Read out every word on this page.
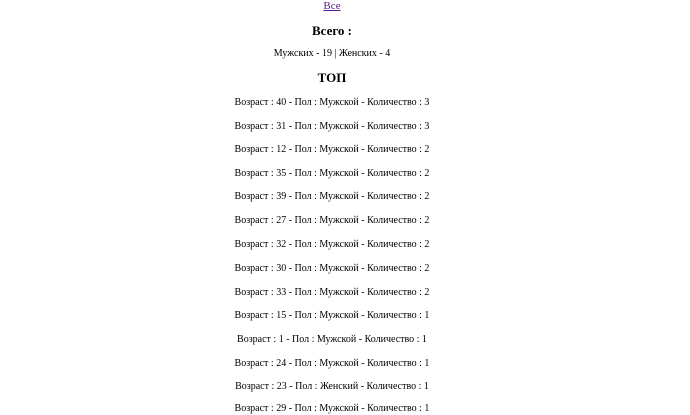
Все
Всего :
Мужских - 19 | Женских - 4
ТОП
Возраст : 40 - Пол : Мужской - Количество : 3
Возраст : 31 - Пол : Мужской - Количество : 3
Возраст : 12 - Пол : Мужской - Количество : 2
Возраст : 35 - Пол : Мужской - Количество : 2
Возраст : 39 - Пол : Мужской - Количество : 2
Возраст : 27 - Пол : Мужской - Количество : 2
Возраст : 32 - Пол : Мужской - Количество : 2
Возраст : 30 - Пол : Мужской - Количество : 2
Возраст : 33 - Пол : Мужской - Количество : 2
Возраст : 15 - Пол : Мужской - Количество : 1
Возраст : 1 - Пол : Мужской - Количество : 1
Возраст : 24 - Пол : Мужской - Количество : 1
Возраст : 23 - Пол : Женский - Количество : 1
Возраст : 29 - Пол : Мужской - Количество : 1
